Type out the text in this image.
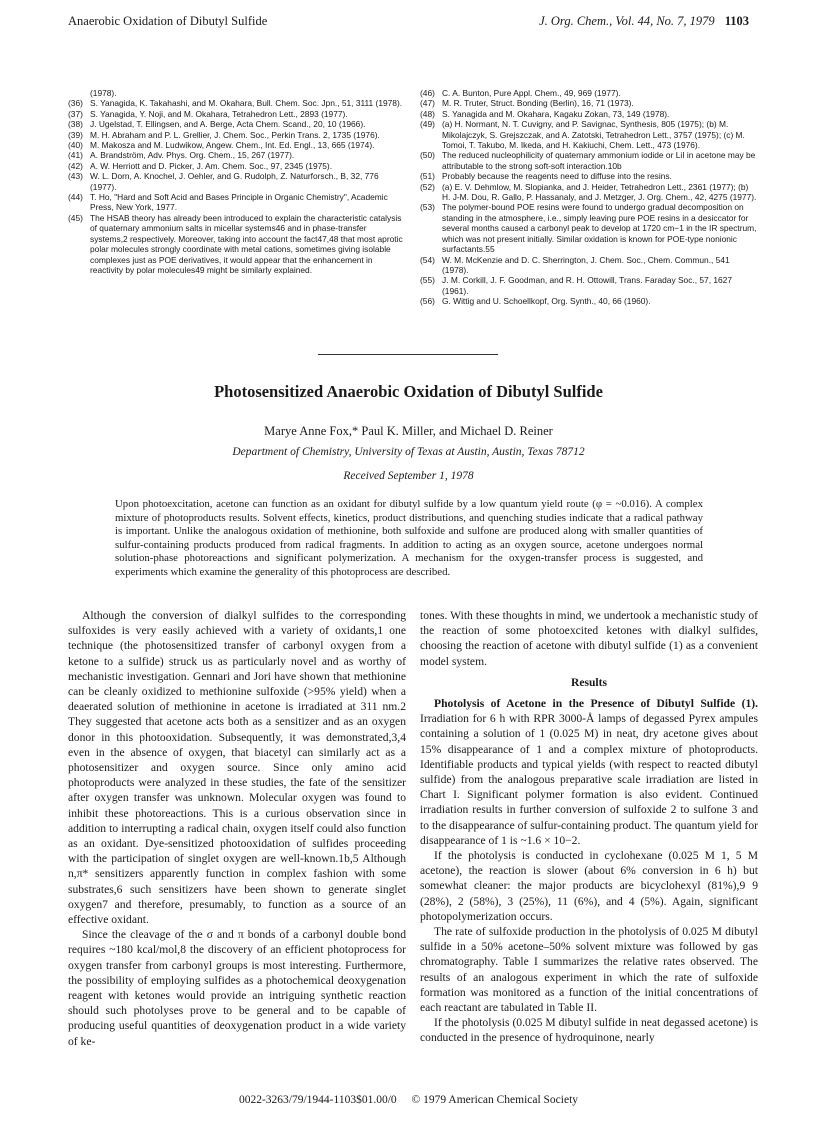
Anaerobic Oxidation of Dibutyl Sulfide	J. Org. Chem., Vol. 44, No. 7, 1979 1103
(1978).
(36) S. Yanagida, K. Takahashi, and M. Okahara, Bull. Chem. Soc. Jpn., 51, 3111 (1978).
(37) S. Yanagida, Y. Noji, and M. Okahara, Tetrahedron Lett., 2893 (1977).
(38) J. Ugelstad, T. Ellingsen, and A. Berge, Acta Chem. Scand., 20, 10 (1966).
(39) M. H. Abraham and P. L. Grellier, J. Chem. Soc., Perkin Trans. 2, 1735 (1976).
(40) M. Makosza and M. Ludwikow, Angew. Chem., Int. Ed. Engl., 13, 665 (1974).
(41) A. Brandström, Adv. Phys. Org. Chem., 15, 267 (1977).
(42) A. W. Herriott and D. Picker, J. Am. Chem. Soc., 97, 2345 (1975).
(43) W. L. Dorn, A. Knochel, J. Oehler, and G. Rudolph, Z. Naturforsch., B, 32, 776 (1977).
(44) T. Ho, "Hard and Soft Acid and Bases Principle in Organic Chemistry", Academic Press, New York, 1977.
(45) The HSAB theory has already been introduced to explain the characteristic catalysis of quaternary ammonium salts in micellar systems46 and in phase-transfer systems,2 respectively. Moreover, taking into account the fact47,48 that most aprotic polar molecules strongly coordinate with metal cations, sometimes giving isolable complexes just as POE derivatives, it would appear that the enhancement in reactivity by polar molecules49 might be similarly explained.
(46) C. A. Bunton, Pure Appl. Chem., 49, 969 (1977).
(47) M. R. Truter, Struct. Bonding (Berlin), 16, 71 (1973).
(48) S. Yanagida and M. Okahara, Kagaku Zokan, 73, 149 (1978).
(49) (a) H. Normant, N. T. Cuvigny, and P. Savignac, Synthesis, 805 (1975); (b) M. Mikolajczyk, S. Grejszczak, and A. Zatotski, Tetrahedron Lett., 3757 (1975); (c) M. Tomoi, T. Takubo, M. Ikeda, and H. Kakiuchi, Chem. Lett., 473 (1976).
(50) The reduced nucleophilicity of quaternary ammonium iodide or LiI in acetone may be attributable to the strong soft-soft interaction.10b
(51) Probably because the reagents need to diffuse into the resins.
(52) (a) E. V. Dehmlow, M. Slopianka, and J. Heider, Tetrahedron Lett., 2361 (1977); (b) H. J-M. Dou, R. Gallo, P. Hassanaly, and J. Metzger, J. Org. Chem., 42, 4275 (1977).
(53) The polymer-bound POE resins were found to undergo gradual decomposition on standing in the atmosphere, i.e., simply leaving pure POE resins in a desiccator for several months caused a carbonyl peak to develop at 1720 cm−1 in the IR spectrum, which was not present initially. Similar oxidation is known for POE-type nonionic surfactants.55
(54) W. M. McKenzie and D. C. Sherrington, J. Chem. Soc., Chem. Commun., 541 (1978).
(55) J. M. Corkill, J. F. Goodman, and R. H. Ottowill, Trans. Faraday Soc., 57, 1627 (1961).
(56) G. Wittig and U. Schoellkopf, Org. Synth., 40, 66 (1960).
Photosensitized Anaerobic Oxidation of Dibutyl Sulfide
Marye Anne Fox,* Paul K. Miller, and Michael D. Reiner
Department of Chemistry, University of Texas at Austin, Austin, Texas 78712
Received September 1, 1978
Upon photoexcitation, acetone can function as an oxidant for dibutyl sulfide by a low quantum yield route (φ = ~0.016). A complex mixture of photoproducts results. Solvent effects, kinetics, product distributions, and quenching studies indicate that a radical pathway is important. Unlike the analogous oxidation of methionine, both sulfoxide and sulfone are produced along with smaller quantities of sulfur-containing products produced from radical fragments. In addition to acting as an oxygen source, acetone undergoes normal solution-phase photoreactions and significant polymerization. A mechanism for the oxygen-transfer process is suggested, and experiments which examine the generality of this photoprocess are described.

Although the conversion of dialkyl sulfides to the corresponding sulfoxides is very easily achieved with a variety of oxidants,1 one technique (the photosensitized transfer of carbonyl oxygen from a ketone to a sulfide) struck us as particularly novel and as worthy of mechanistic investigation. Gennari and Jori have shown that methionine can be cleanly oxidized to methionine sulfoxide (>95% yield) when a deaerated solution of methionine in acetone is irradiated at 311 nm.2 They suggested that acetone acts both as a sensitizer and as an oxygen donor in this photooxidation. Subsequently, it was demonstrated,3,4 even in the absence of oxygen, that biacetyl can similarly act as a photosensitizer and oxygen source. Since only amino acid photoproducts were analyzed in these studies, the fate of the sensitizer after oxygen transfer was unknown. Molecular oxygen was found to inhibit these photoreactions. This is a curious observation since in addition to interrupting a radical chain, oxygen itself could also function as an oxidant. Dye-sensitized photooxidation of sulfides proceeding with the participation of singlet oxygen are well-known.1b,5 Although n,π* sensitizers apparently function in complex fashion with some substrates,6 such sensitizers have been shown to generate singlet oxygen7 and therefore, presumably, to function as a source of an effective oxidant.

Since the cleavage of the σ and π bonds of a carbonyl double bond requires ~180 kcal/mol,8 the discovery of an efficient photoprocess for oxygen transfer from carbonyl groups is most interesting. Furthermore, the possibility of employing sulfides as a photochemical deoxygenation reagent with ketones would provide an intriguing synthetic reaction should such photolyses prove to be general and to be capable of producing useful quantities of deoxygenation product in a wide variety of ke-

tones. With these thoughts in mind, we undertook a mechanistic study of the reaction of some photoexcited ketones with dialkyl sulfides, choosing the reaction of acetone with dibutyl sulfide (1) as a convenient model system.

Results

Photolysis of Acetone in the Presence of Dibutyl Sulfide (1). Irradiation for 6 h with RPR 3000-Å lamps of degassed Pyrex ampules containing a solution of 1 (0.025 M) in neat, dry acetone gives about 15% disappearance of 1 and a complex mixture of photoproducts. Identifiable products and typical yields (with respect to reacted dibutyl sulfide) from the analogous preparative scale irradiation are listed in Chart I. Significant polymer formation is also evident. Continued irradiation results in further conversion of sulfoxide 2 to sulfone 3 and to the disappearance of sulfur-containing product. The quantum yield for disappearance of 1 is ~1.6 × 10−2.

If the photolysis is conducted in cyclohexane (0.025 M 1, 5 M acetone), the reaction is slower (about 6% conversion in 6 h) but somewhat cleaner: the major products are bicyclohexyl (81%),9 9 (28%), 2 (58%), 3 (25%), 11 (6%), and 4 (5%). Again, significant photopolymerization occurs.

The rate of sulfoxide production in the photolysis of 0.025 M dibutyl sulfide in a 50% acetone–50% solvent mixture was followed by gas chromatography. Table I summarizes the relative rates observed. The results of an analogous experiment in which the rate of sulfoxide formation was monitored as a function of the initial concentrations of each reactant are tabulated in Table II.

If the photolysis (0.025 M dibutyl sulfide in neat degassed acetone) is conducted in the presence of hydroquinone, nearly

0022-3263/79/1944-1103$01.00/0 © 1979 American Chemical Society
